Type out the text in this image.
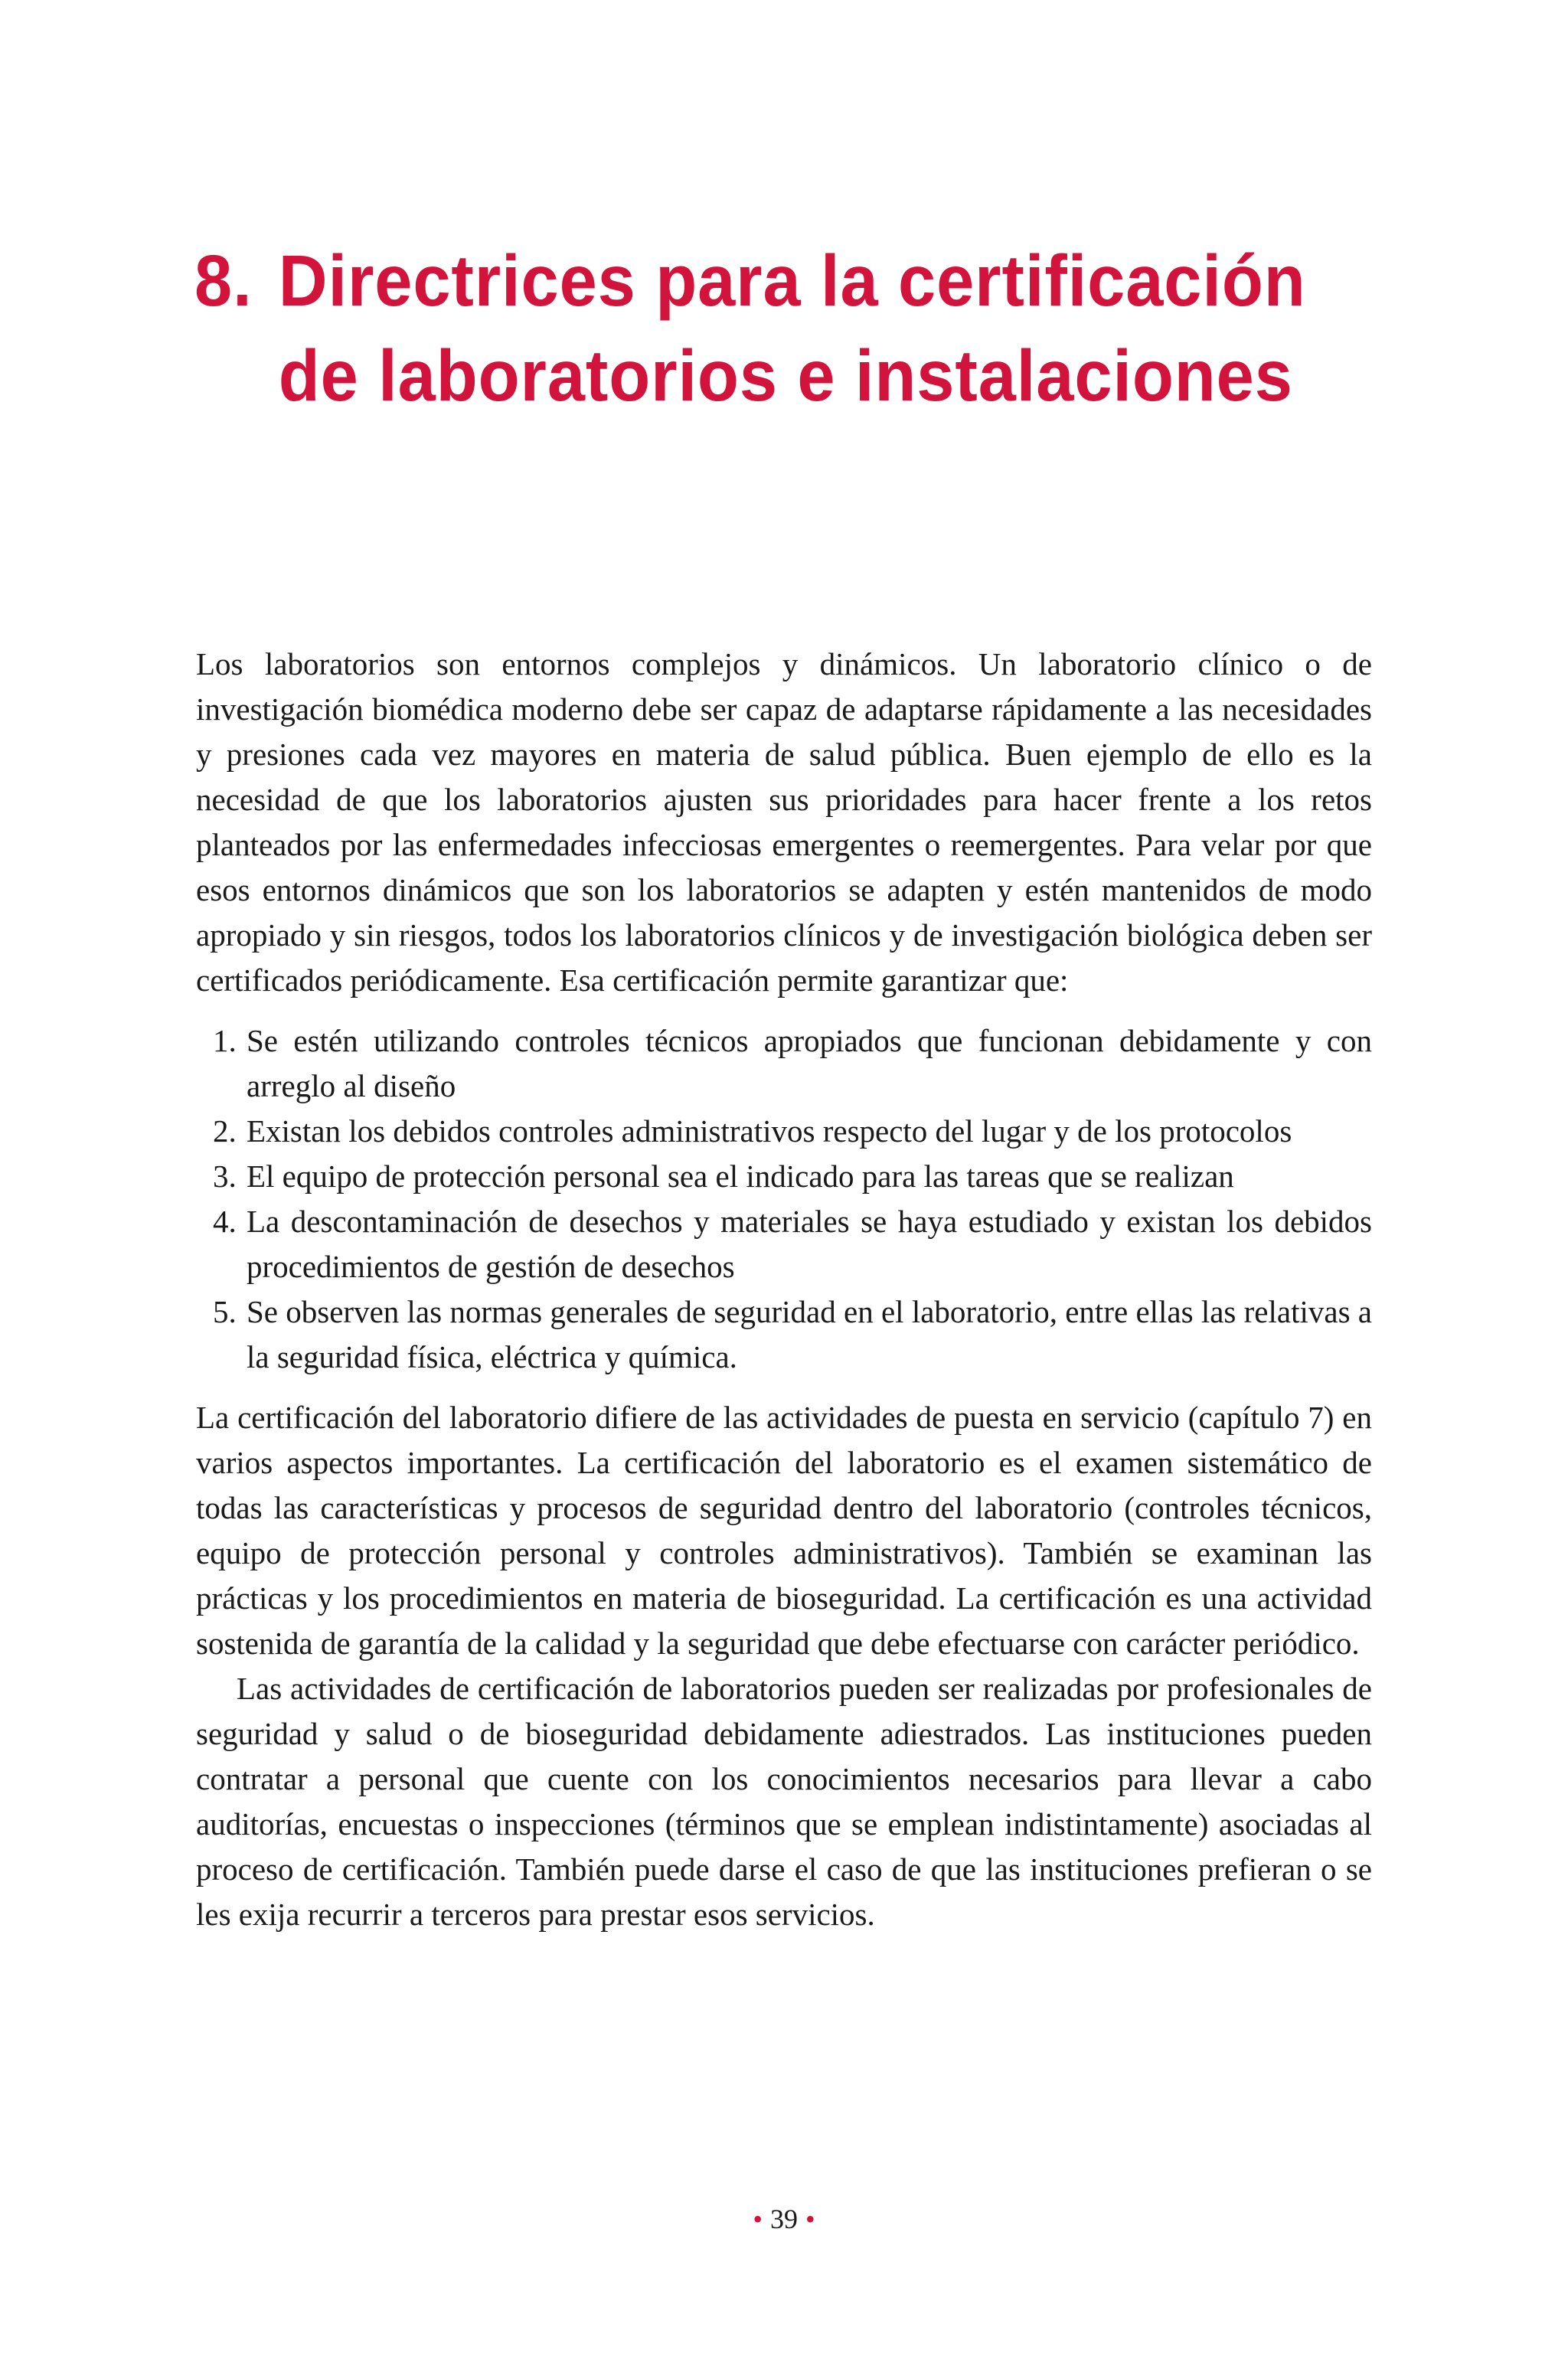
8. Directrices para la certificación
de laboratorios e instalaciones

Los laboratorios son entornos complejos y dinámicos. Un laboratorio clínico o de investigación biomédica moderno debe ser capaz de adaptarse rápidamente a las necesidades y presiones cada vez mayores en materia de salud pública. Buen ejemplo de ello es la necesidad de que los laboratorios ajusten sus prioridades para hacer frente a los retos planteados por las enfermedades infecciosas emergentes o reemergentes. Para velar por que esos entornos dinámicos que son los laboratorios se adapten y estén mantenidos de modo apropiado y sin riesgos, todos los laboratorios clínicos y de investigación biológica deben ser certificados periódicamente. Esa certificación permite garantizar que:

1. Se estén utilizando controles técnicos apropiados que funcionan debidamente y con arreglo al diseño
2. Existan los debidos controles administrativos respecto del lugar y de los protocolos
3. El equipo de protección personal sea el indicado para las tareas que se realizan
4. La descontaminación de desechos y materiales se haya estudiado y existan los debidos procedimientos de gestión de desechos
5. Se observen las normas generales de seguridad en el laboratorio, entre ellas las relativas a la seguridad física, eléctrica y química.

La certificación del laboratorio difiere de las actividades de puesta en servicio (capítulo 7) en varios aspectos importantes. La certificación del laboratorio es el examen sistemático de todas las características y procesos de seguridad dentro del laboratorio (controles técnicos, equipo de protección personal y controles administrativos). También se examinan las prácticas y los procedimientos en materia de bioseguridad. La certificación es una actividad sostenida de garantía de la calidad y la seguridad que debe efectuarse con carácter periódico.

Las actividades de certificación de laboratorios pueden ser realizadas por profesionales de seguridad y salud o de bioseguridad debidamente adiestrados. Las instituciones pueden contratar a personal que cuente con los conocimientos necesarios para llevar a cabo auditorías, encuestas o inspecciones (términos que se emplean indistintamente) asociadas al proceso de certificación. También puede darse el caso de que las instituciones prefieran o se les exija recurrir a terceros para prestar esos servicios.

• 39 •
